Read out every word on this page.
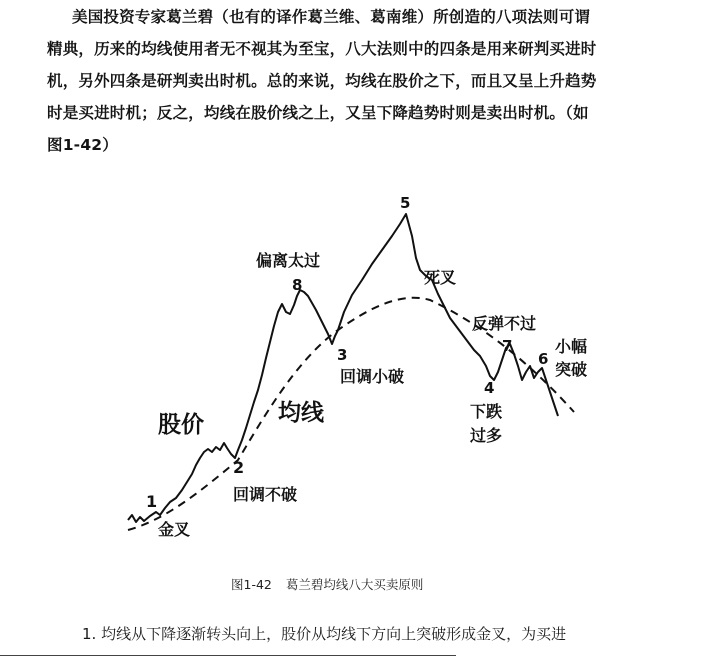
美国投资专家葛兰碧（也有的译作葛兰维、葛南维）所创造的八项法则可谓
精典，历来的均线使用者无不视其为至宝，八大法则中的四条是用来研判买进时
机，另外四条是研判卖出时机。总的来说，均线在股价之下，而且又呈上升趋势
时是买进时机；反之，均线在股价线之上，又呈下降趋势时则是卖出时机。（如
图1-42）
股价	均线
1
金叉
2
回调不破
8
偏离太过
3
回调小破
5
死叉
反弹不过
7
4
下跌
过多
6
小幅
突破
图1-42 葛兰碧均线八大买卖原则
1. 均线从下降逐渐转头向上，股价从均线下方向上突破形成金叉，为买进
